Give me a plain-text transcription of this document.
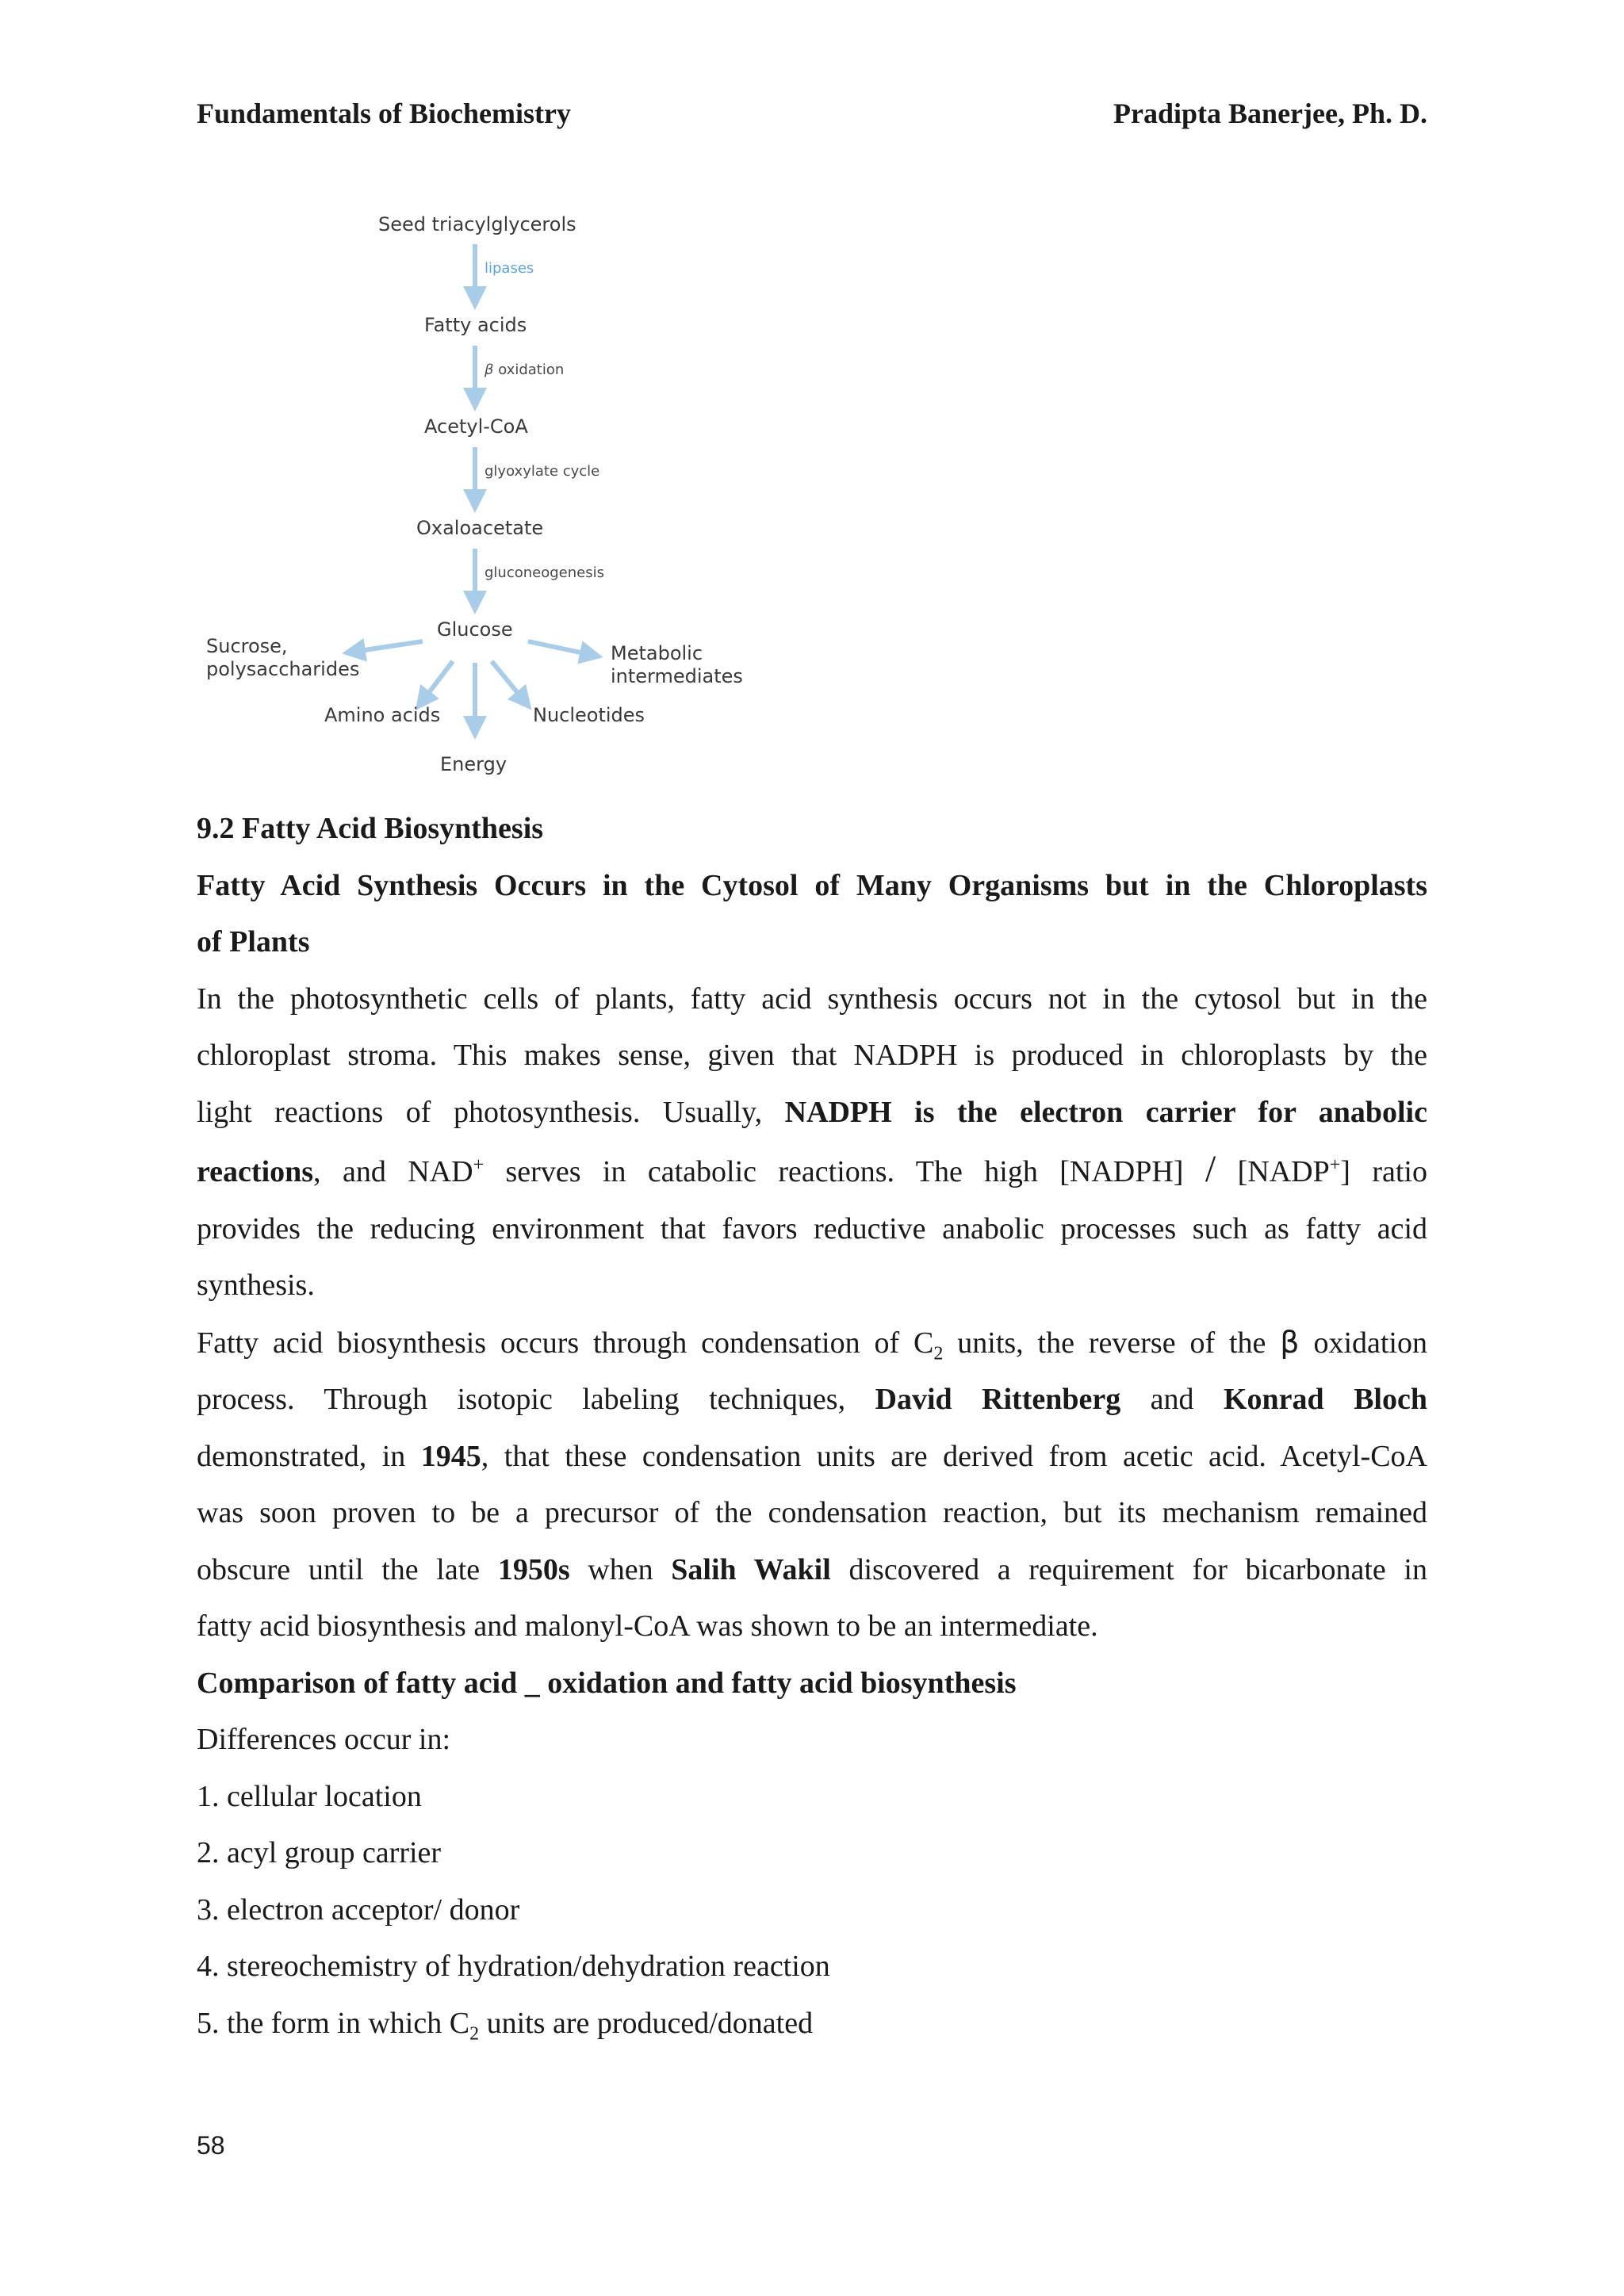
Fundamentals of Biochemistry	Pradipta Banerjee, Ph. D.
Seed triacylglycerols
lipases
Fatty acids
β oxidation
Acetyl-CoA
glyoxylate cycle
Oxaloacetate
gluconeogenesis
Glucose
Sucrose,
polysaccharides
Metabolic
intermediates
Amino acids	Nucleotides
Energy

9.2 Fatty Acid Biosynthesis

Fatty Acid Synthesis Occurs in the Cytosol of Many Organisms but in the Chloroplasts

of Plants

In the photosynthetic cells of plants, fatty acid synthesis occurs not in the cytosol but in the

chloroplast stroma. This makes sense, given that NADPH is produced in chloroplasts by the

light reactions of photosynthesis. Usually, NADPH is the electron carrier for anabolic

reactions, and NAD+ serves in catabolic reactions. The high [NADPH] / [NADP+] ratio

provides the reducing environment that favors reductive anabolic processes such as fatty acid

synthesis.

Fatty acid biosynthesis occurs through condensation of $C_2$ units, the reverse of the β oxidation

process. Through isotopic labeling techniques, David Rittenberg and Konrad Bloch

demonstrated, in 1945, that these condensation units are derived from acetic acid. Acetyl-CoA

was soon proven to be a precursor of the condensation reaction, but its mechanism remained

obscure until the late 1950s when Salih Wakil discovered a requirement for bicarbonate in

fatty acid biosynthesis and malonyl-CoA was shown to be an intermediate.

Comparison of fatty acid _ oxidation and fatty acid biosynthesis

Differences occur in:

1. cellular location

2. acyl group carrier

3. electron acceptor/ donor

4. stereochemistry of hydration/dehydration reaction

5. the form in which $C_2$ units are produced/donated

58
